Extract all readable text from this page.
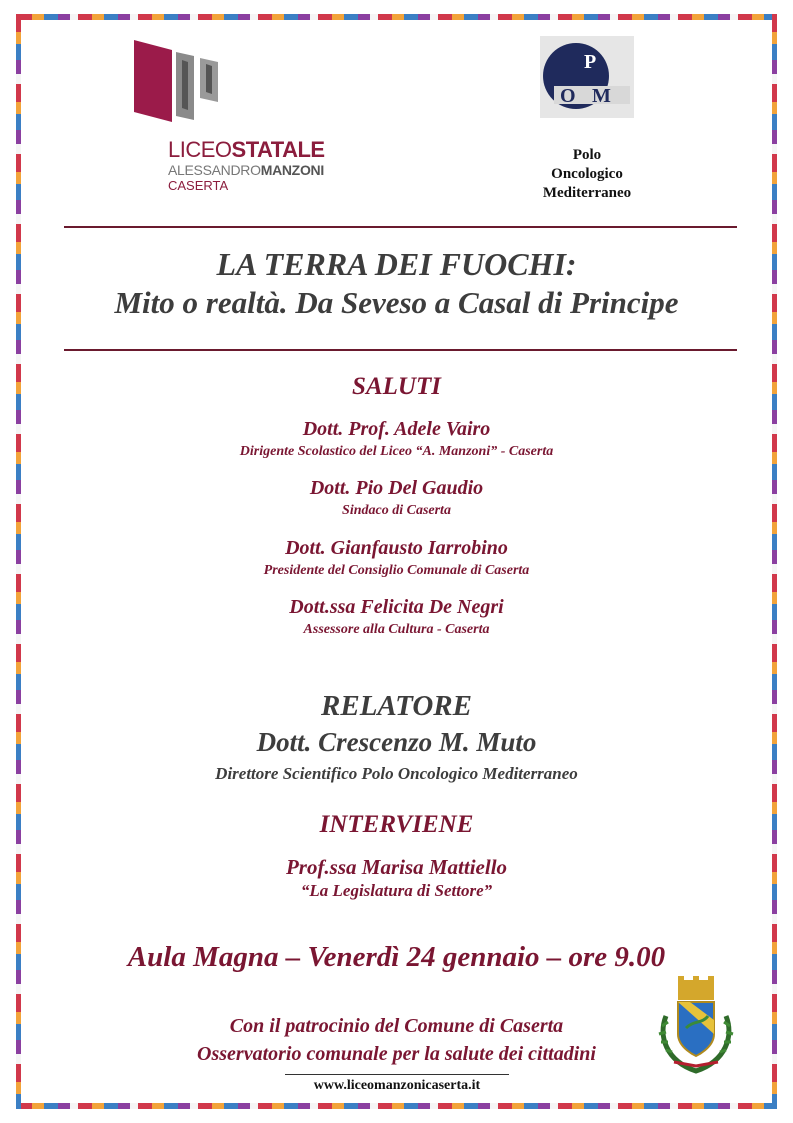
LICEOSTATALE
ALESSANDROMANZONI
CASERTA
P
O M
Polo
Oncologico
Mediterraneo
LA TERRA DEI FUOCHI:
Mito o realtà. Da Seveso a Casal di Principe
SALUTI
Dott. Prof. Adele Vairo
Dirigente Scolastico del Liceo “A. Manzoni” - Caserta
Dott. Pio Del Gaudio
Sindaco di Caserta
Dott. Gianfausto Iarrobino
Presidente del Consiglio Comunale di Caserta
Dott.ssa Felicita De Negri
Assessore alla Cultura - Caserta
RELATORE
Dott. Crescenzo M. Muto
Direttore Scientifico Polo Oncologico Mediterraneo
INTERVIENE
Prof.ssa Marisa Mattiello
“La Legislatura di Settore”
Aula Magna – Venerdì 24 gennaio – ore 9.00
Con il patrocinio del Comune di Caserta
Osservatorio comunale per la salute dei cittadini
www.liceomanzonicaserta.it
